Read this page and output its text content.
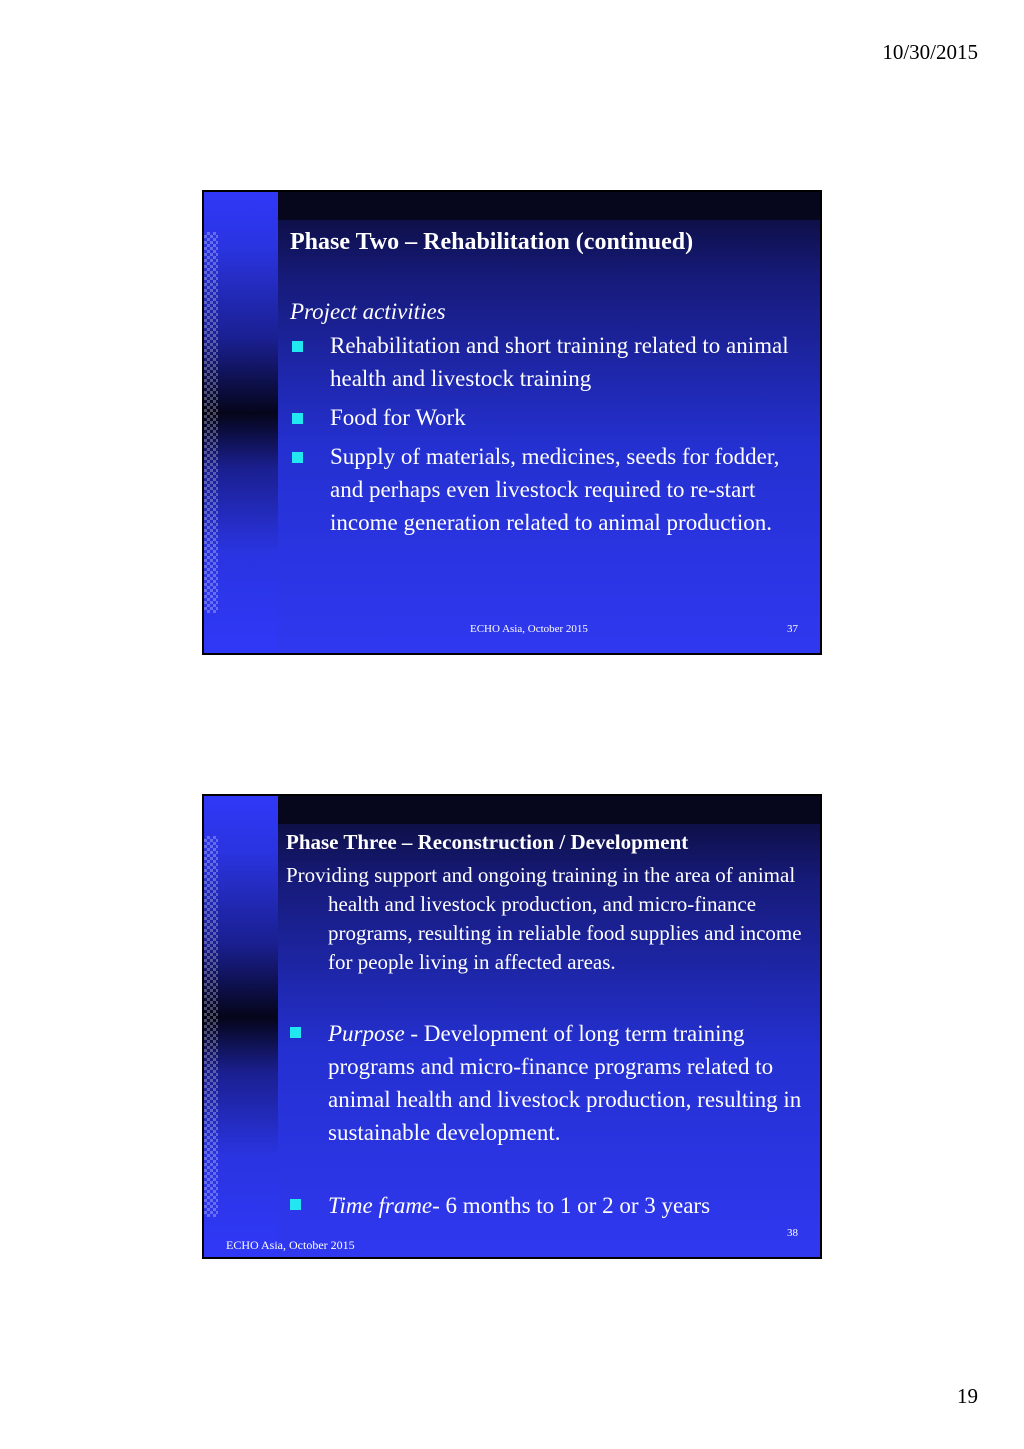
10/30/2015
Phase Two – Rehabilitation (continued)
Project activities
Rehabilitation and short training related to animal health and livestock training
Food for Work
Supply of materials, medicines, seeds for fodder, and perhaps even livestock required to re-start income generation related to animal production.
ECHO Asia, October 2015	37
Phase Three – Reconstruction / Development

Providing support and ongoing training in the area of animal health and livestock production, and micro-finance programs, resulting in reliable food supplies and income for people living in affected areas.

Purpose - Development of long term training programs and micro-finance programs related to animal health and livestock production, resulting in sustainable development.
Time frame- 6 months to 1 or 2 or 3 years
ECHO Asia, October 2015
38
19
